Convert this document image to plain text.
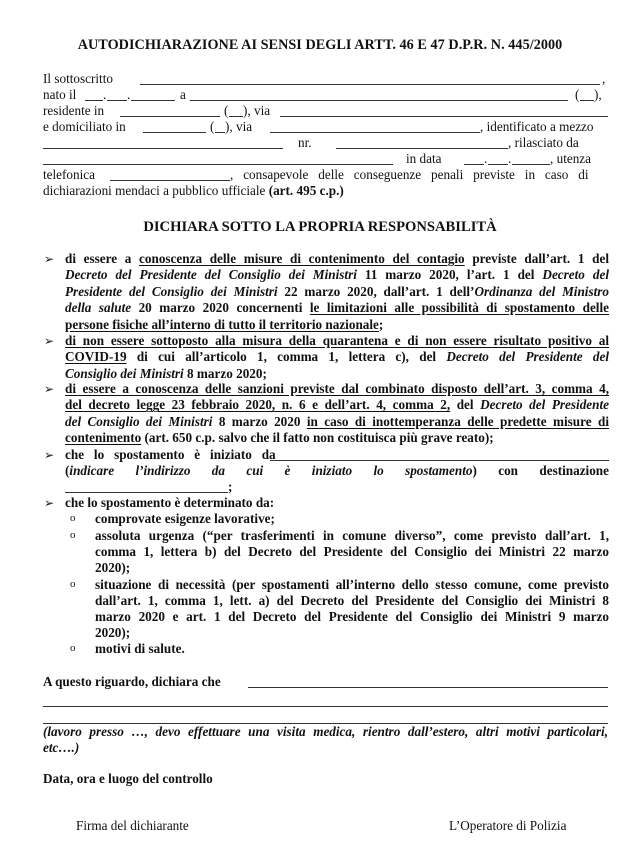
AUTODICHIARAZIONE AI SENSI DEGLI ARTT. 46 E 47 D.P.R. N. 445/2000
Il sottoscritto	,
nato il . .	a	( ),
residente in	( ), via
e domiciliato in	( ), via	, identificato a mezzo
nr.	, rilasciato da
in data	. .	, utenza
telefonica	,   consapevole   delle   conseguenze   penali   previste   in   caso   di
dichiarazioni mendaci a pubblico ufficiale (art. 495 c.p.)
DICHIARA SOTTO LA PROPRIA RESPONSABILITÀ
➢ di essere a conoscenza delle misure di contenimento del contagio previste dall’art. 1 del
Decreto del Presidente del Consiglio dei Ministri 11 marzo 2020, l’art. 1 del Decreto del
Presidente del Consiglio dei Ministri 22 marzo 2020, dall’art. 1 dell’Ordinanza del Ministro
della salute 20 marzo 2020 concernenti le limitazioni alle possibilità di spostamento delle
persone fisiche all’interno di tutto il territorio nazionale;
➢ di non essere sottoposto alla misura della quarantena e di non essere risultato positivo al
COVID-19 di cui all’articolo 1, comma 1, lettera c), del Decreto del Presidente del
Consiglio dei Ministri 8 marzo 2020;
➢ di essere a conoscenza delle sanzioni previste dal combinato disposto dell’art. 3, comma 4,
del decreto legge 23 febbraio 2020, n. 6 e dell’art. 4, comma 2, del Decreto del Presidente
del Consiglio dei Ministri 8 marzo 2020 in caso di inottemperanza delle predette misure di
contenimento (art. 650 c.p. salvo che il fatto non costituisca più grave reato);
➢ che   lo   spostamento   è   iniziato   da
(indicare   l’indirizzo   da   cui   è   iniziato   lo   spostamento)   con   destinazione
;
➢ che lo spostamento è determinato da:
o comprovate esigenze lavorative;
o assoluta urgenza (“per trasferimenti in comune diverso”, come previsto dall’art. 1,
comma 1, lettera b) del Decreto del Presidente del Consiglio dei Ministri 22 marzo
2020);
o situazione di necessità (per spostamenti all’interno dello stesso comune, come previsto
dall’art. 1, comma 1, lett. a) del Decreto del Presidente del Consiglio dei Ministri 8
marzo 2020 e art. 1 del Decreto del Presidente del Consiglio dei Ministri 9 marzo
2020);
o motivi di salute.
A questo riguardo, dichiara che
(lavoro presso …, devo effettuare una visita medica, rientro dall’estero, altri motivi particolari,
etc….)
Data, ora e luogo del controllo
Firma del dichiarante	L’Operatore di Polizia
